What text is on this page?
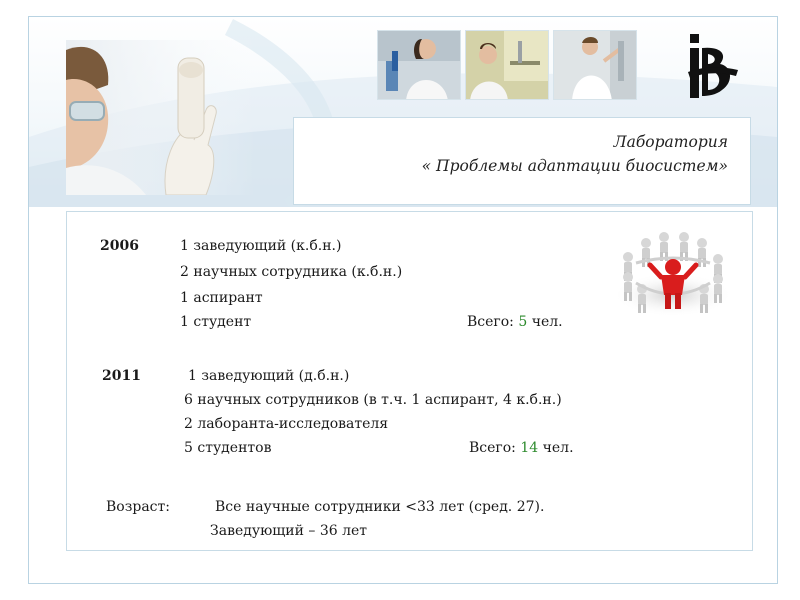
Лаборатория
« Проблемы адаптации биосистем»
2006	1 заведующий (к.б.н.)
2 научных сотрудника (к.б.н.)
1 аспирант
1 студент	Всего: 5 чел.
2011	1 заведующий (д.б.н.)
6 научных сотрудников (в т.ч. 1 аспирант, 4 к.б.н.)
2 лаборанта-исследователя
5 студентов	Всего: 14 чел.
Возраст:	Все научные сотрудники <33 лет (сред. 27).
Заведующий – 36 лет
